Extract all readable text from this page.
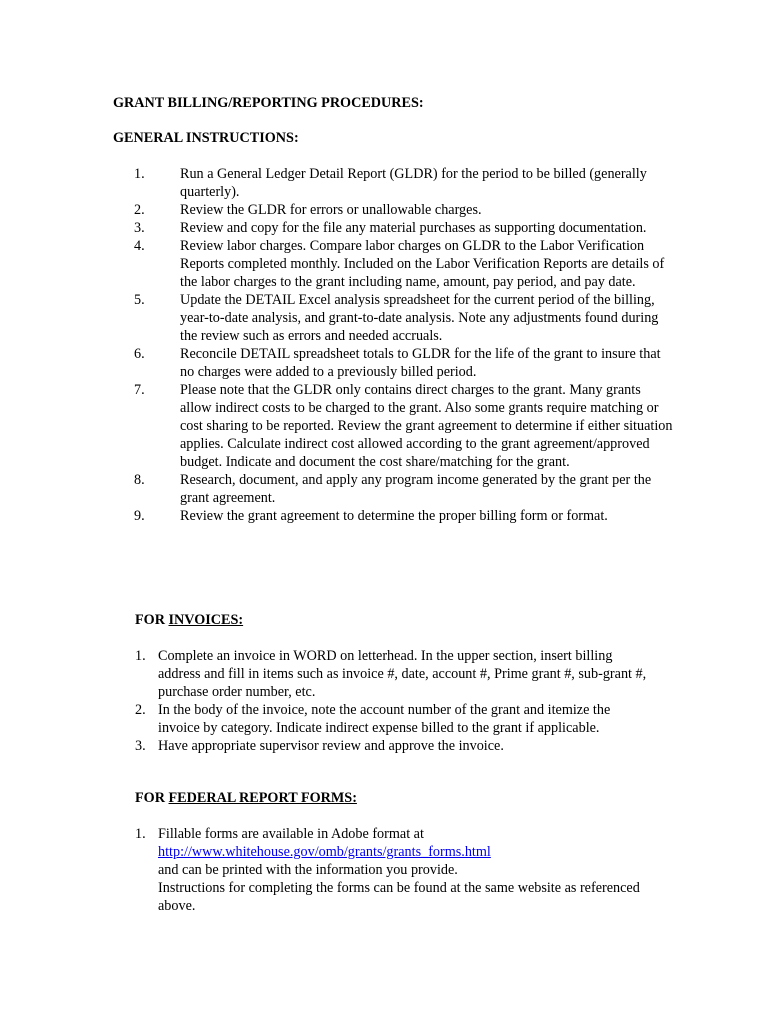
GRANT BILLING/REPORTING PROCEDURES:
GENERAL INSTRUCTIONS:
1. Run a General Ledger Detail Report (GLDR) for the period to be billed (generally quarterly).
2. Review the GLDR for errors or unallowable charges.
3. Review and copy for the file any material purchases as supporting documentation.
4. Review labor charges. Compare labor charges on GLDR to the Labor Verification Reports completed monthly. Included on the Labor Verification Reports are details of the labor charges to the grant including name, amount, pay period, and pay date.
5. Update the DETAIL Excel analysis spreadsheet for the current period of the billing, year-to-date analysis, and grant-to-date analysis. Note any adjustments found during the review such as errors and needed accruals.
6. Reconcile DETAIL spreadsheet totals to GLDR for the life of the grant to insure that no charges were added to a previously billed period.
7. Please note that the GLDR only contains direct charges to the grant. Many grants allow indirect costs to be charged to the grant. Also some grants require matching or cost sharing to be reported. Review the grant agreement to determine if either situation applies. Calculate indirect cost allowed according to the grant agreement/approved budget. Indicate and document the cost share/matching for the grant.
8. Research, document, and apply any program income generated by the grant per the grant agreement.
9. Review the grant agreement to determine the proper billing form or format.
FOR INVOICES:
1. Complete an invoice in WORD on letterhead. In the upper section, insert billing address and fill in items such as invoice #, date, account #, Prime grant #, sub-grant #, purchase order number, etc.
2. In the body of the invoice, note the account number of the grant and itemize the invoice by category. Indicate indirect expense billed to the grant if applicable.
3. Have appropriate supervisor review and approve the invoice.
FOR FEDERAL REPORT FORMS:
1. Fillable forms are available in Adobe format at
http://www.whitehouse.gov/omb/grants/grants_forms.html
and can be printed with the information you provide.
Instructions for completing the forms can be found at the same website as referenced above.
